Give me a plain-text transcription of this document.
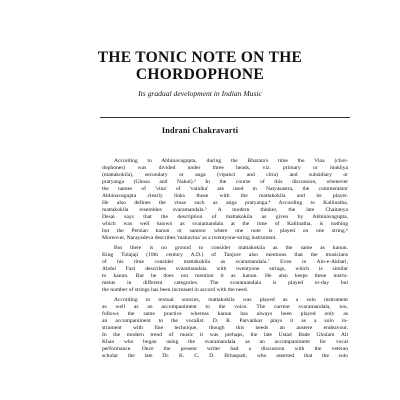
THE TONIC NOTE ON THE
CHORDOPHONE
Its gradual development in Indian Music
Indrani Chakravarti
According to Abhinavagupta, during the Bharata's time the Vina (chor-
dophones) was divided under three heads, viz. primary or mukhya
(mattakokila), secondary or anga (vipanci and citra) and subsidiary or
pratyanga (Ghosa and Nakul).³ In the course of this discussion, whenever
the names of 'vina' of 'vainika' are used in Natyasastra, the commentator
Abhinavagupta clearly links those with the mattakokila and its player.
He also defines the vinas such as anga pratyanga.⁴ According to Kallinatha,
mattakokila resembles svaramandala.⁵ A modern thinker, the late Chaitanya
Desai says that the description of mattakokila as given by Abhinavagupta,
which was well known as svaramandala at the time of Kallinatha, is nothing
but the Persian kanun or santoor where one note is played on one string.⁶
Moreover, Narayadeva describes 'mahavina' as a twentyone-string instrument.
But there is no ground to consider mattakokila as the same as kanun.
King Tulajaji (18th century A.D.) of Tanjore also mentions that the musicians
of his time consider mattakokila as svaramandala.⁷ Even in Ain-e-Akbari,
Abdul Fazl describes svaramandala with twentyone strings, which is similar
to kanun. But he does not mention it as kanun. He also keeps these instru-
ments in different categories. The svaramandala is played to-day but
the number of strings has been increased in accord with the need.
According to textual sources, mattakokila was played as a solo instrument
as well as an accompaniment to the voice. The current svaramandala, too,
follows the same practice whereas kanun has always been played only as
an accompaniment to the vocalist. D. R. Parvatikar plays it as a solo in-
strument with fine technique, though this needs an austere endeavour.
In the modern trend of music it was perhaps, the late Ustad Bade Ghulam Ali
Khan who began using the svaramandala as an accompaniment for vocal
performance. Once the present writer had a discussion with the veteran
scholar the late Dr. K. C. D. Brhaspati, who asserted that the solo
